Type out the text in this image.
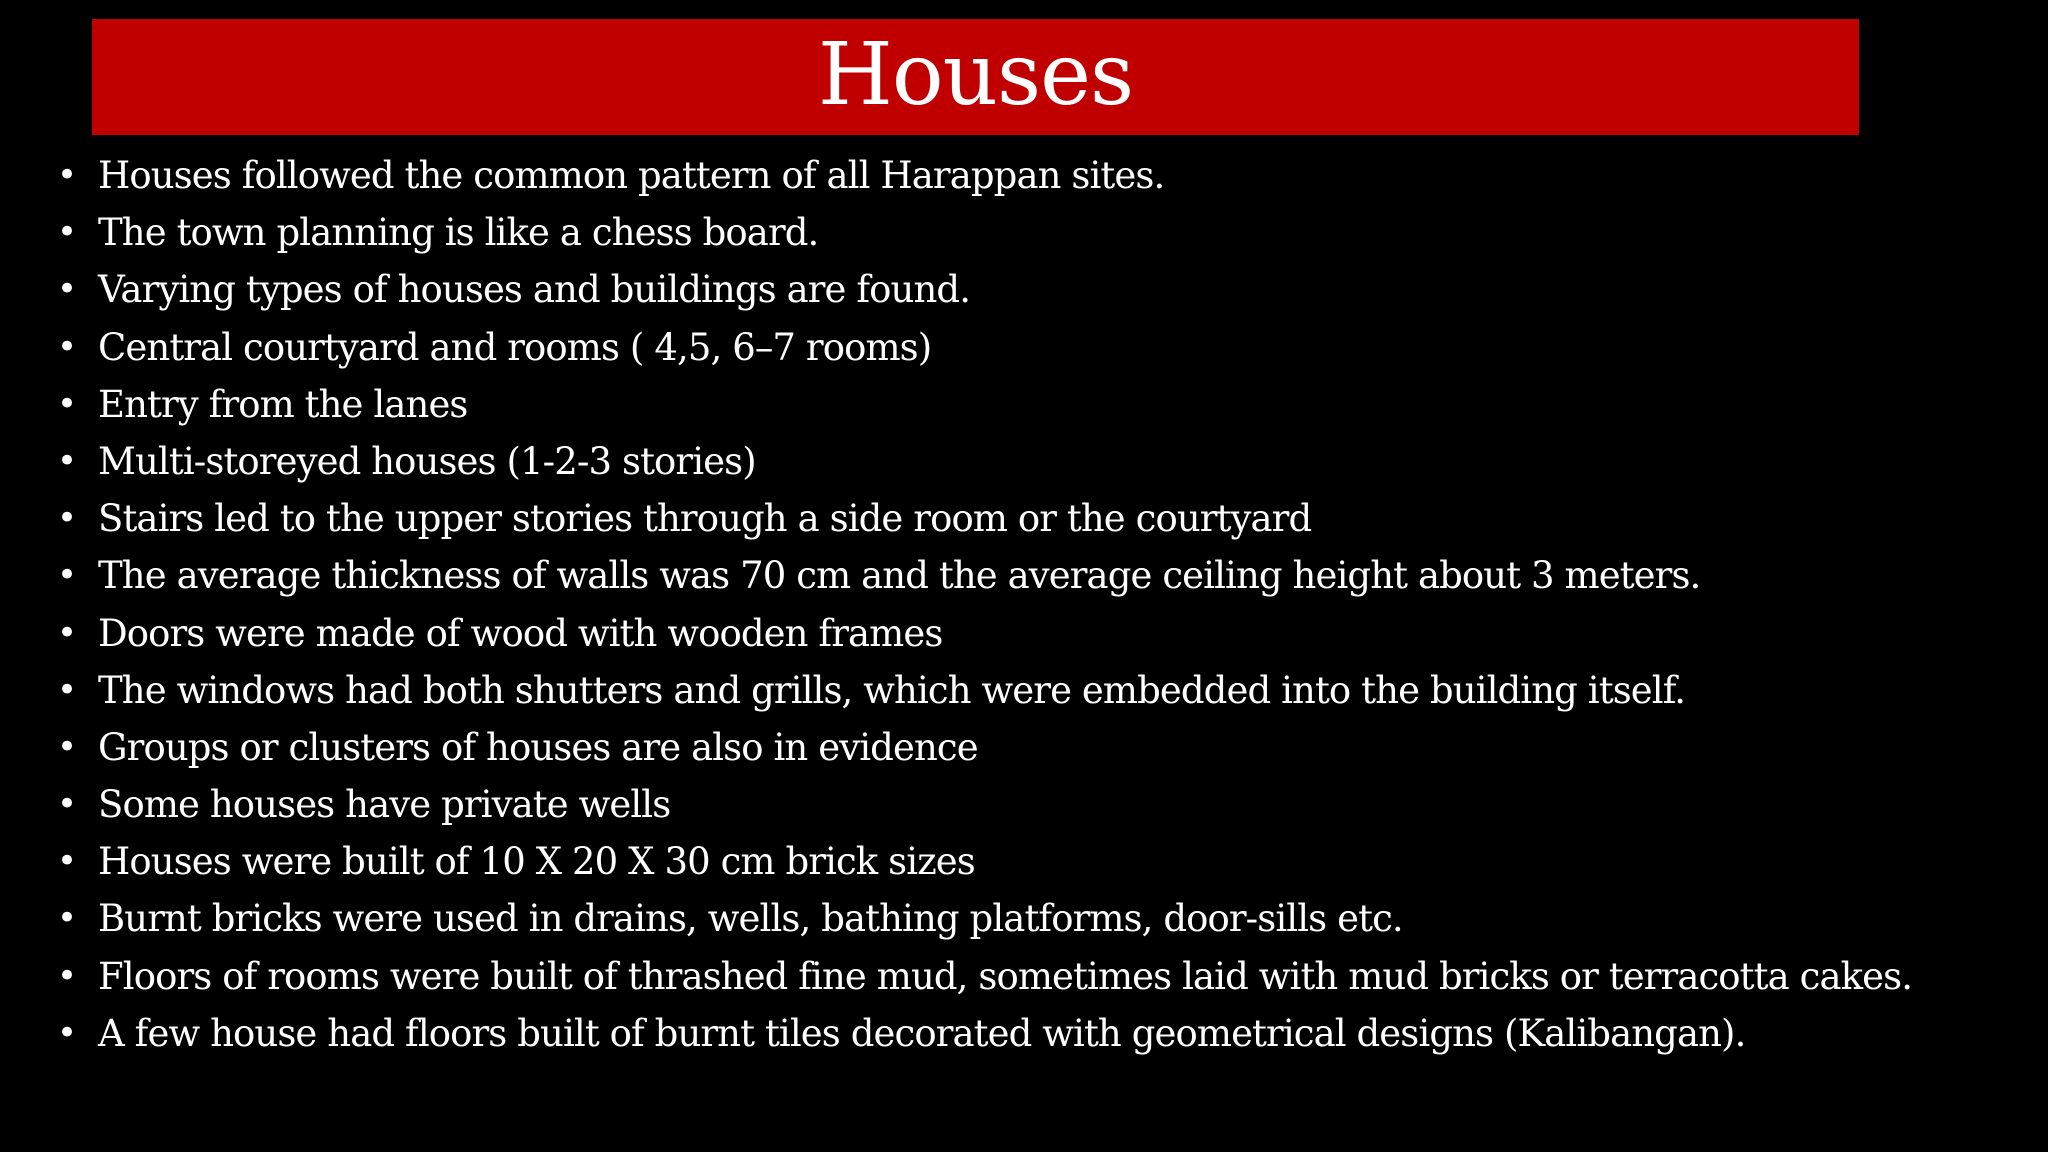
Houses
• Houses followed the common pattern of all Harappan sites.
• The town planning is like a chess board.
• Varying types of houses and buildings are found.
• Central courtyard and rooms ( 4,5, 6–7 rooms)
• Entry from the lanes
• Multi-storeyed houses (1-2-3 stories)
• Stairs led to the upper stories through a side room or the courtyard
• The average thickness of walls was 70 cm and the average ceiling height about 3 meters.
• Doors were made of wood with wooden frames
• The windows had both shutters and grills, which were embedded into the building itself.
• Groups or clusters of houses are also in evidence
• Some houses have private wells
• Houses were built of 10 X 20 X 30 cm brick sizes
• Burnt bricks were used in drains, wells, bathing platforms, door-sills etc.
• Floors of rooms were built of thrashed fine mud, sometimes laid with mud bricks or terracotta cakes.
• A few house had floors built of burnt tiles decorated with geometrical designs (Kalibangan).
